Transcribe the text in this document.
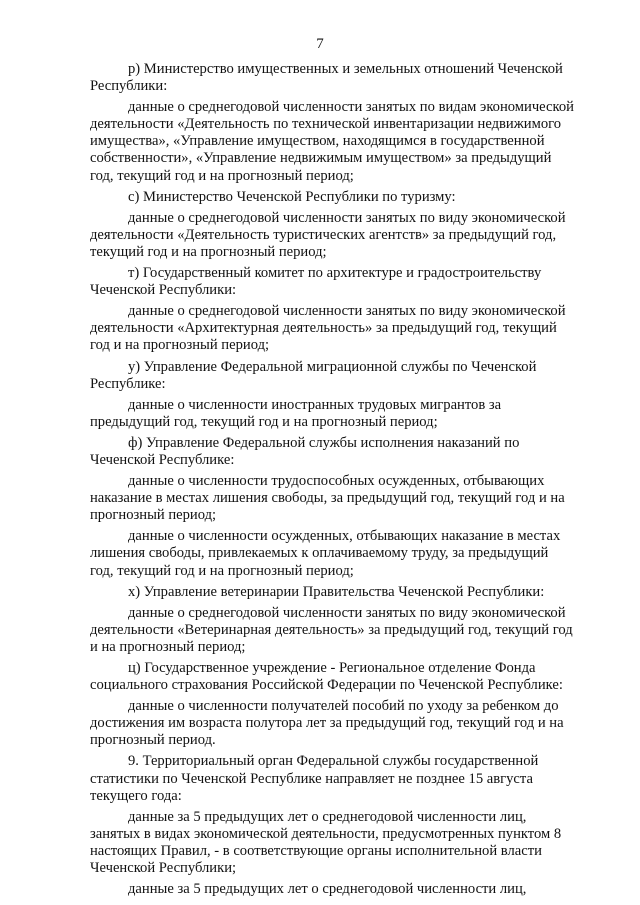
7

р) Министерство имущественных и земельных отношений Чеченской
Республики:

данные о среднегодовой численности занятых по видам экономической
деятельности «Деятельность по технической инвентаризации недвижимого
имущества», «Управление имуществом, находящимся в государственной
собственности», «Управление недвижимым имуществом» за предыдущий
год, текущий год и на прогнозный период;

с) Министерство Чеченской Республики по туризму:

данные о среднегодовой численности занятых по виду экономической
деятельности «Деятельность туристических агентств» за предыдущий год,
текущий год и на прогнозный период;

т) Государственный комитет по архитектуре и градостроительству
Чеченской Республики:

данные о среднегодовой численности занятых по виду экономической
деятельности «Архитектурная деятельность» за предыдущий год, текущий
год и на прогнозный период;

у) Управление Федеральной миграционной службы по Чеченской
Республике:

данные о численности иностранных трудовых мигрантов за
предыдущий год, текущий год и на прогнозный период;

ф) Управление Федеральной службы исполнения наказаний по
Чеченской Республике:

данные о численности трудоспособных осужденных, отбывающих
наказание в местах лишения свободы, за предыдущий год, текущий год и на
прогнозный период;

данные о численности осужденных, отбывающих наказание в местах
лишения свободы, привлекаемых к оплачиваемому труду, за предыдущий
год, текущий год и на прогнозный период;

х) Управление ветеринарии Правительства Чеченской Республики:

данные о среднегодовой численности занятых по виду экономической
деятельности «Ветеринарная деятельность» за предыдущий год, текущий год
и на прогнозный период;

ц) Государственное учреждение - Региональное отделение Фонда
социального страхования Российской Федерации по Чеченской Республике:

данные о численности получателей пособий по уходу за ребенком до
достижения им возраста полутора лет за предыдущий год, текущий год и на
прогнозный период.

9. Территориальный орган Федеральной службы государственной
статистики по Чеченской Республике направляет не позднее 15 августа
текущего года:

данные за 5 предыдущих лет о среднегодовой численности лиц,
занятых в видах экономической деятельности, предусмотренных пунктом 8
настоящих Правил, - в соответствующие органы исполнительной власти
Чеченской Республики;

данные за 5 предыдущих лет о среднегодовой численности лиц,
